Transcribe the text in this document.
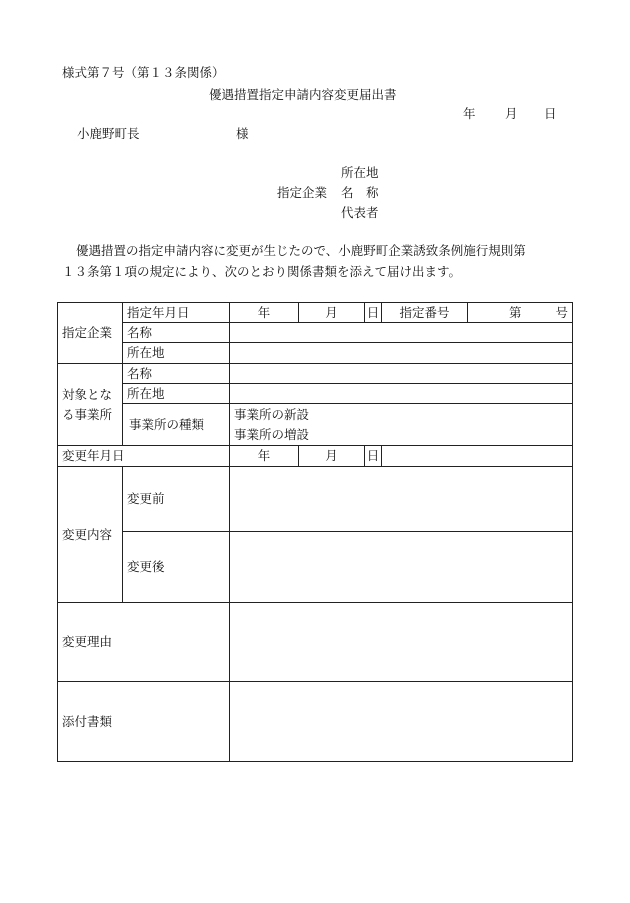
様式第７号（第１３条関係）
優遇措置指定申請内容変更届出書
年 月 日
小鹿野町長	様
所在地
指定企業 名　称
代表者
優遇措置の指定申請内容に変更が生じたので、小鹿野町企業誘致条例施行規則第
１３条第１項の規定により、次のとおり関係書類を添えて届け出ます。
指定企業	指定年月日	年	月	日	指定番号	第 号
	名称					
	所在地					
対象とな
る事業所	名称					
	所在地					
	事業所の種類	事業所の新設
事業所の増設				
変更年月日		年	月	日		
変更内容	変更前					
	変更後					
変更理由						
添付書類						
